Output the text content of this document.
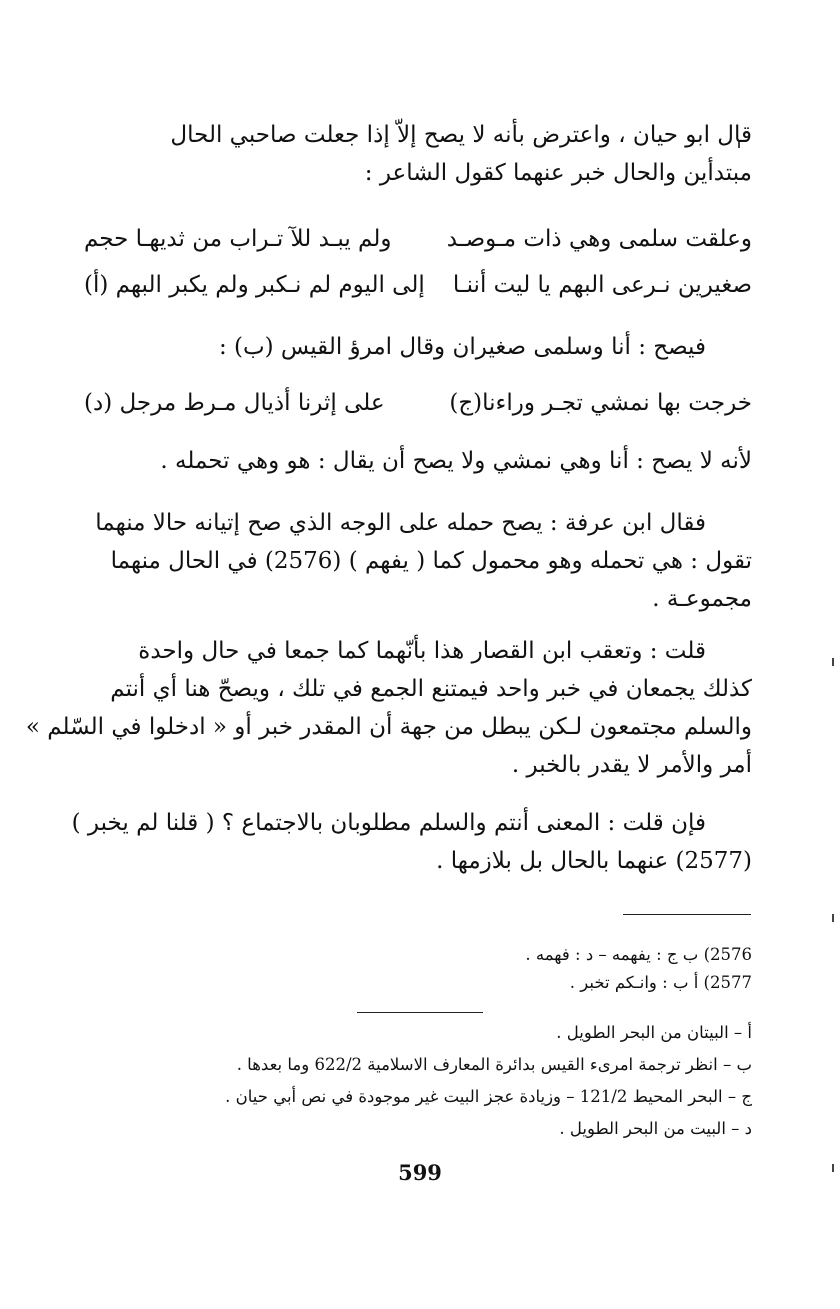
قال ابو حيان ، واعترض بأنه لا يصح إلاّ إذا جعلت صاحبي الحال
مبتدأين والحال خبر عنهما كقول الشاعر :
وعلقت سلمى وهي ذات مـوصـد
ولم يبـد للآ تـراب من ثديهـا حجم
صغيرين نـرعى البهم يا ليت أننـا
إلى اليوم لم نـكبر ولم يكبر البهم (أ)
فيصح : أنا وسلمى صغيران وقال امرؤ القيس (ب) :
خرجت بها نمشي تجـر وراءنا(ج)
على إثرنا أذيال مـرط مرجل (د)
لأنه لا يصح : أنا وهي نمشي ولا يصح أن يقال : هو وهي تحمله .
فقال ابن عرفة : يصح حمله على الوجه الذي صح إتيانه حالا منهما
تقول : هي تحمله وهو محمول كما ( يفهم ) (2576) في الحال منهما
مجموعـة .
قلت : وتعقب ابن القصار هذا بأنّهما كما جمعا في حال واحدة
كذلك يجمعان في خبر واحد فيمتنع الجمع في تلك ، ويصحّ هنا أي أنتم
والسلم مجتمعون لـكن يبطل من جهة أن المقدر خبر أو « ادخلوا في السّلم »
أمر والأمر لا يقدر بالخبر .
فإن قلت : المعنى أنتم والسلم مطلوبان بالاجتماع ؟ ( قلنا لم يخبر )
(2577) عنهما بالحال بل بلازمها .
2576) ب ج : يفهمه – د : فهمه .
2577) أ ب : وانـكم تخبر .
أ – البيتان من البحر الطويل .
ب – انظر ترجمة امرىء القيس بدائرة المعارف الاسلامية 622/2 وما بعدها .
ج – البحر المحيط 121/2 – وزيادة عجز البيت غير موجودة في نص أبي حيان .
د – البيت من البحر الطويل .
599
